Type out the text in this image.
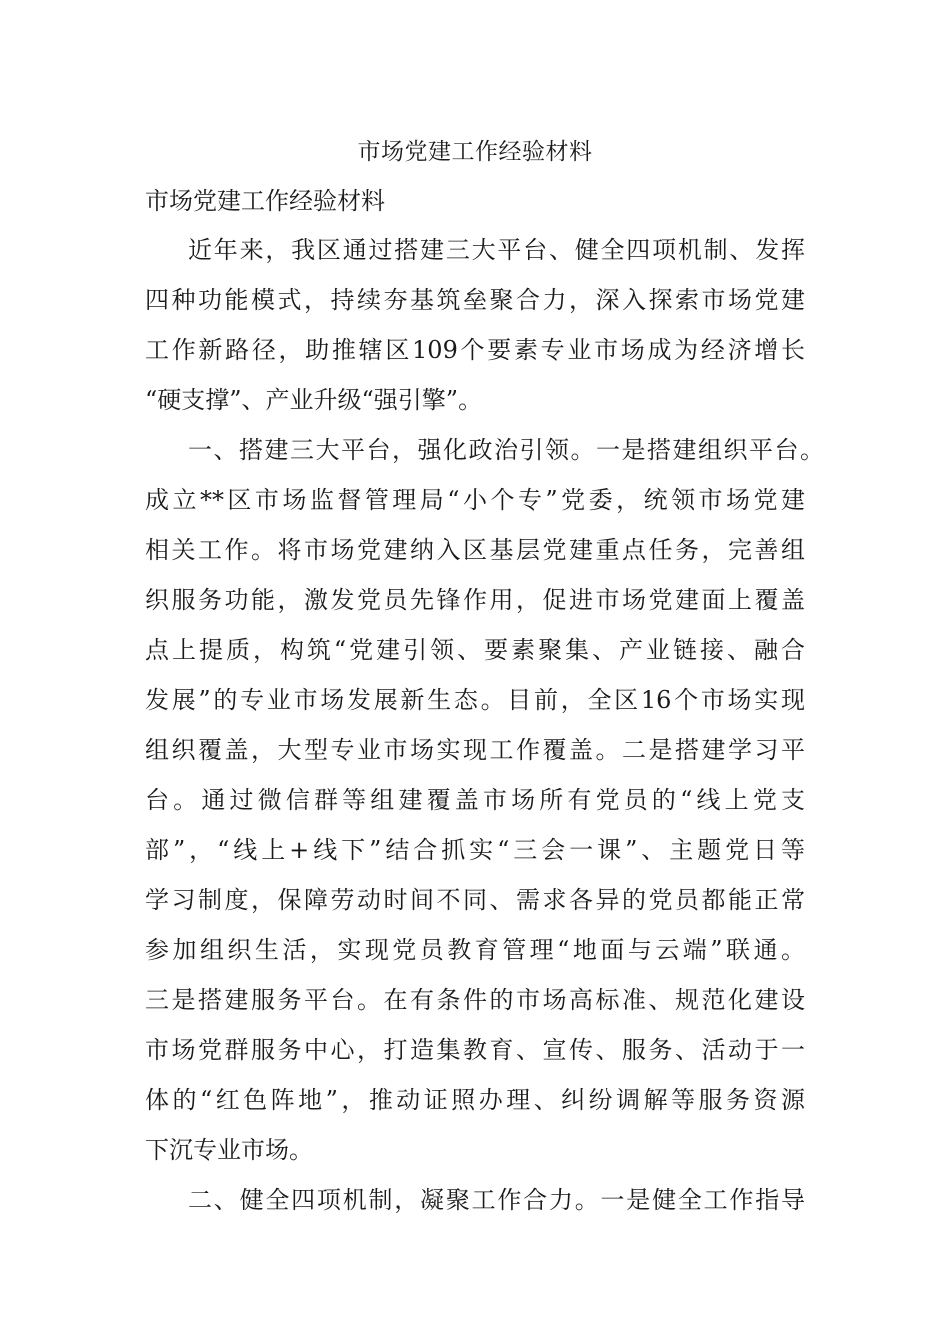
市场党建工作经验材料
市场党建工作经验材料
近年来，我区通过搭建三大平台、健全四项机制、发挥
四种功能模式，持续夯基筑垒聚合力，深入探索市场党建
工作新路径，助推辖区109个要素专业市场成为经济增长
“硬支撑”、产业升级“强引擎”。
一、搭建三大平台，强化政治引领。一是搭建组织平台。
成立**区市场监督管理局“小个专”党委，统领市场党建
相关工作。将市场党建纳入区基层党建重点任务，完善组
织服务功能，激发党员先锋作用，促进市场党建面上覆盖
点上提质，构筑“党建引领、要素聚集、产业链接、融合
发展”的专业市场发展新生态。目前，全区16个市场实现
组织覆盖，大型专业市场实现工作覆盖。二是搭建学习平
台。通过微信群等组建覆盖市场所有党员的“线上党支
部”，“线上+线下”结合抓实“三会一课”、主题党日等
学习制度，保障劳动时间不同、需求各异的党员都能正常
参加组织生活，实现党员教育管理“地面与云端”联通。
三是搭建服务平台。在有条件的市场高标准、规范化建设
市场党群服务中心，打造集教育、宣传、服务、活动于一
体的“红色阵地”，推动证照办理、纠纷调解等服务资源
下沉专业市场。
二、健全四项机制，凝聚工作合力。一是健全工作指导
